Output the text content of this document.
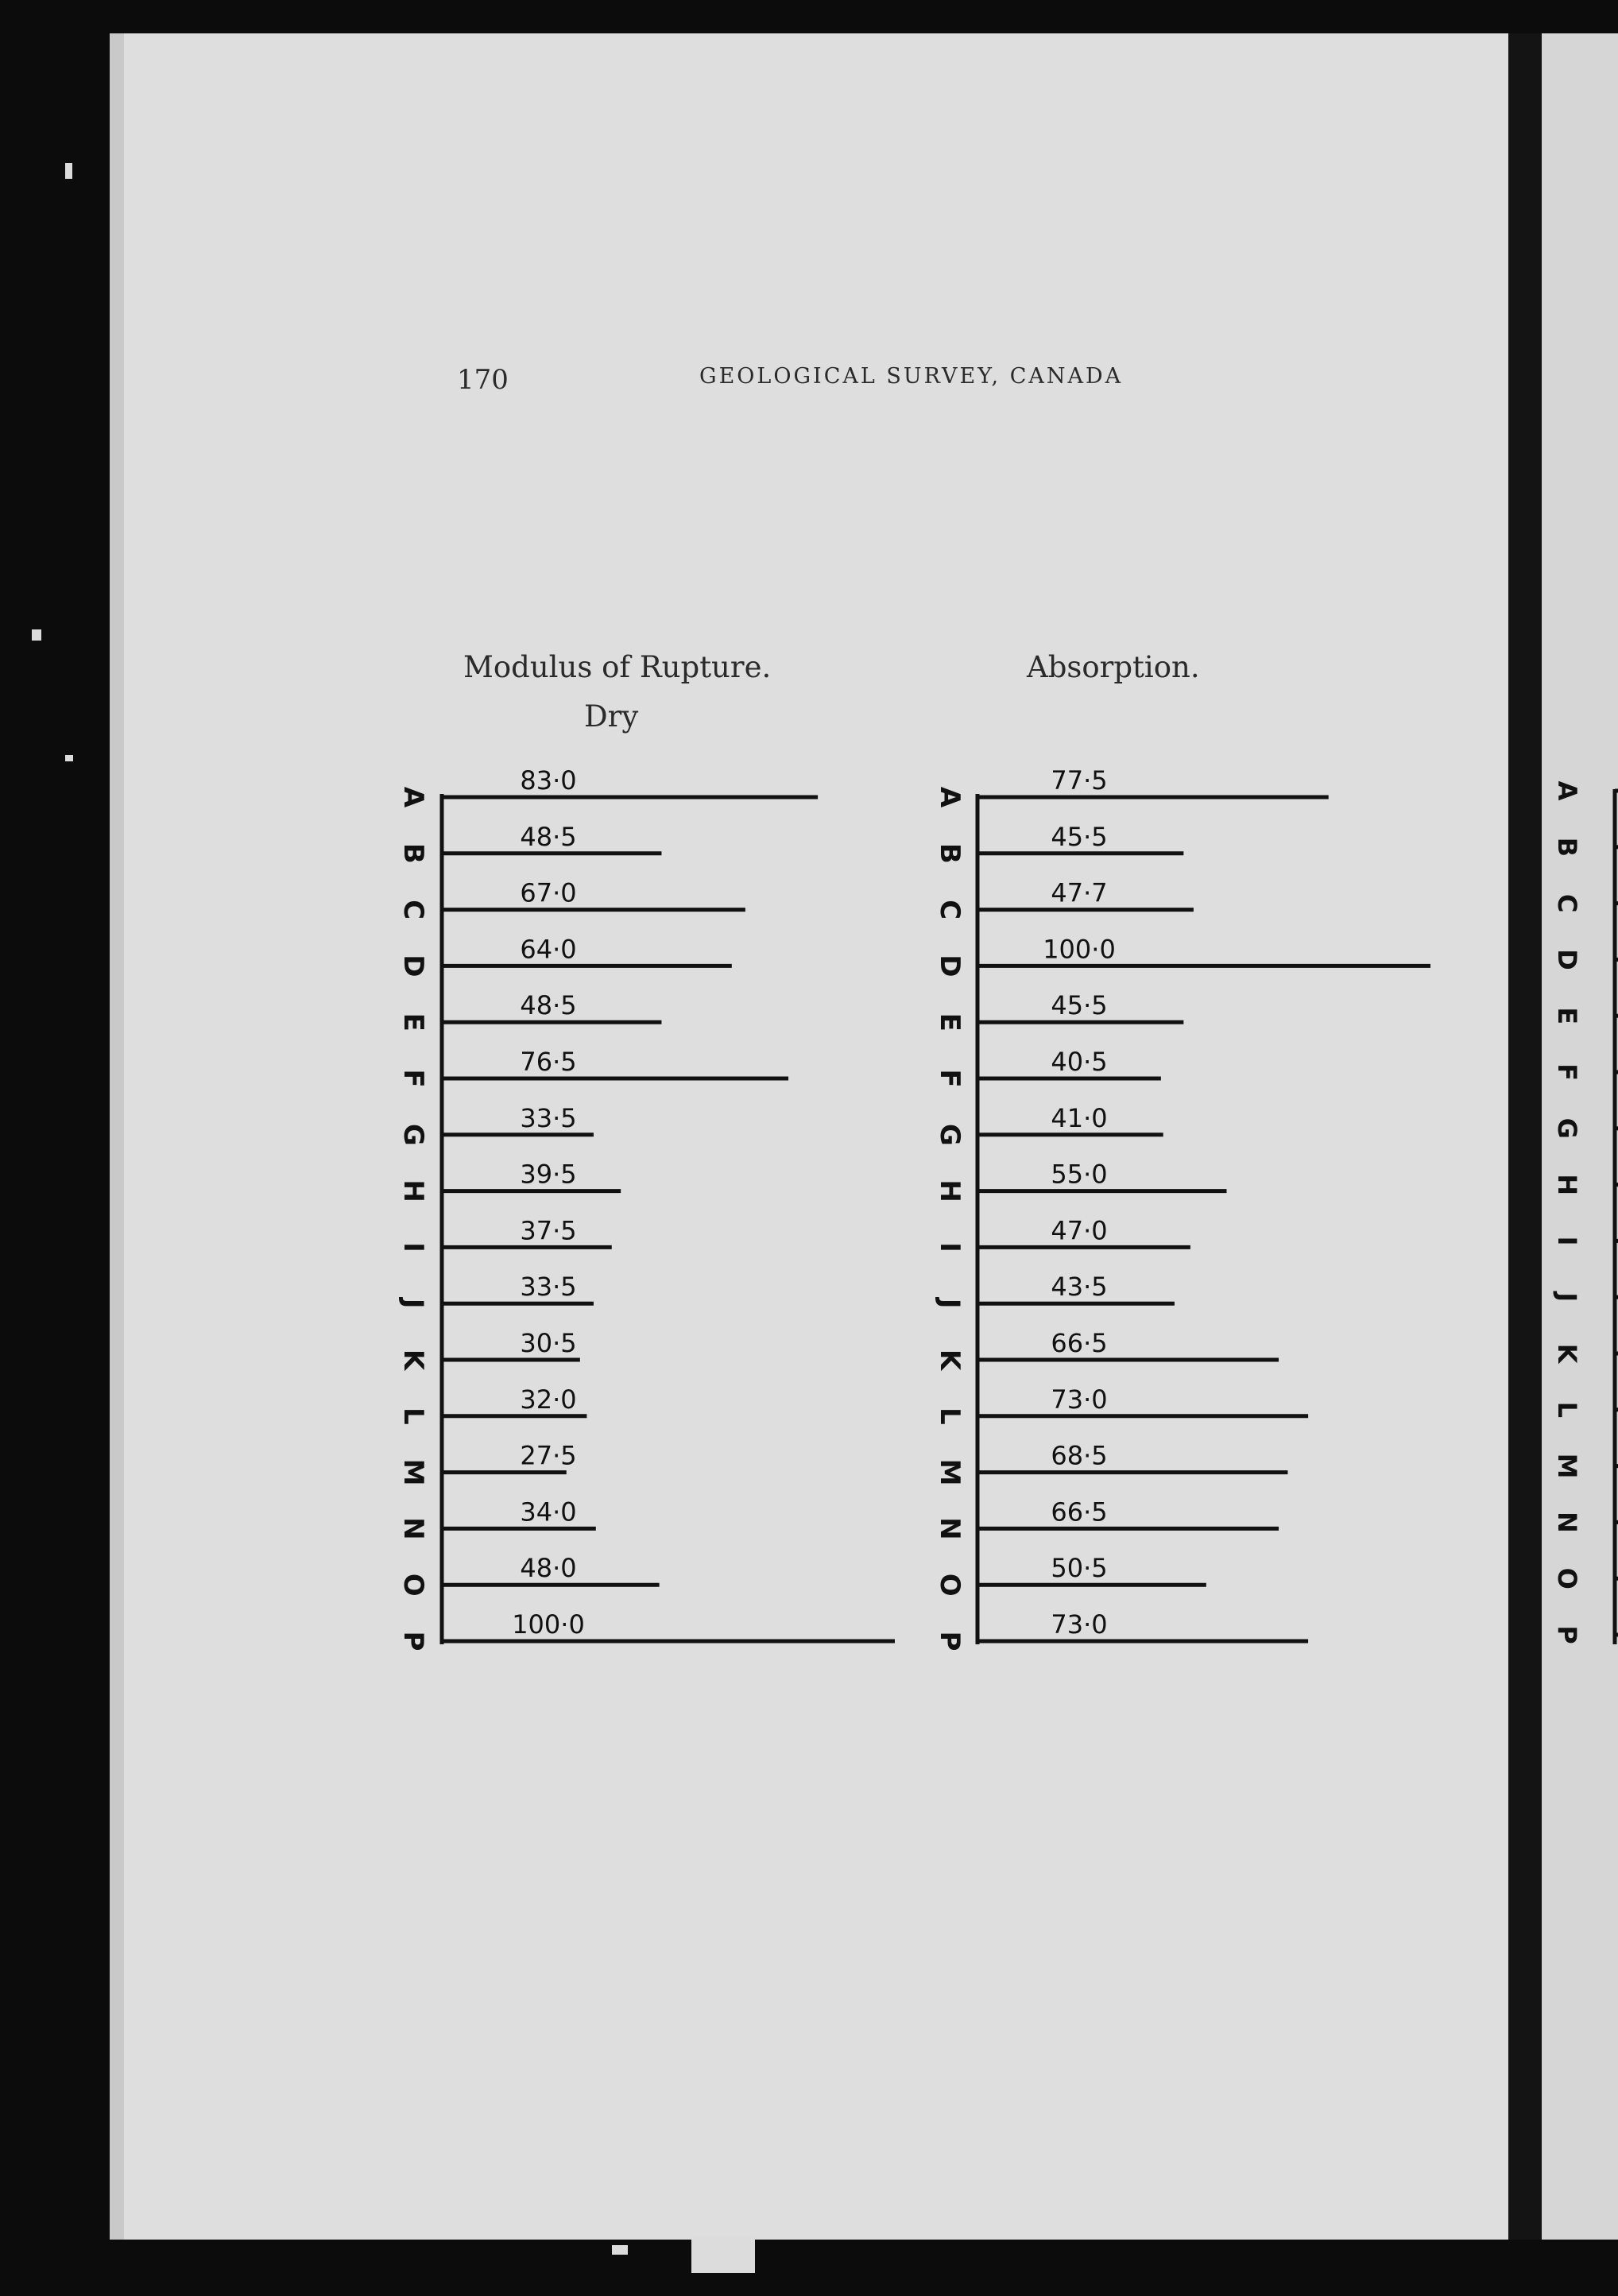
170	GEOLOGICAL SURVEY, CANADA
Modulus of Rupture.
Dry
Absorption.
83·0
A
48·5
B
67·0
C
64·0
D
48·5
E
76·5
F
33·5
G
39·5
H
37·5
I
33·5
J
30·5
K
32·0
L
27·5
M
34·0
N
48·0
O
100·0
P
77·5
A
45·5
B
47·7
C
100·0
D
45·5
E
40·5
F
41·0
G
55·0
H
47·0
I
43·5
J
66·5
K
73·0
L
68·5
M
66·5
N
50·5
O
73·0
P
A
B
C
D
E
F
G
H
I
J
K
L
M
N
O
P
